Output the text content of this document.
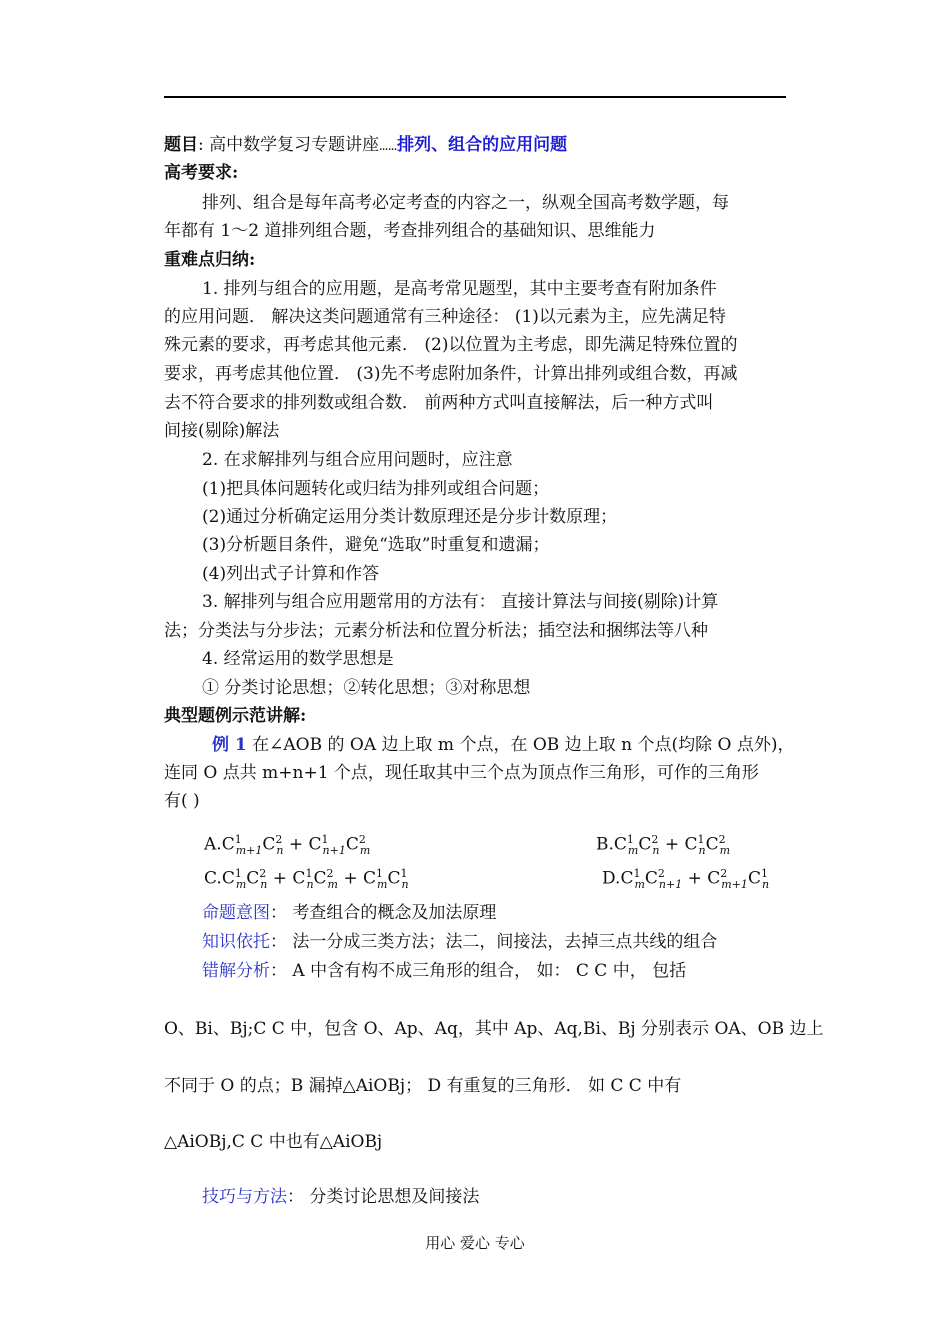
题目: 高中数学复习专题讲座……排列、组合的应用问题
高考要求:
排列、组合是每年高考必定考查的内容之一，纵观全国高考数学题，每
年都有 1～2 道排列组合题，考查排列组合的基础知识、思维能力
重难点归纳:
1. 排列与组合的应用题，是高考常见题型，其中主要考查有附加条件
的应用问题． 解决这类问题通常有三种途径： (1)以元素为主，应先满足特
殊元素的要求，再考虑其他元素． (2)以位置为主考虑，即先满足特殊位置的
要求，再考虑其他位置． (3)先不考虑附加条件，计算出排列或组合数，再减
去不符合要求的排列数或组合数． 前两种方式叫直接解法，后一种方式叫
间接(剔除)解法
2. 在求解排列与组合应用问题时，应注意
(1)把具体问题转化或归结为排列或组合问题；
(2)通过分析确定运用分类计数原理还是分步计数原理；
(3)分析题目条件，避免“选取”时重复和遗漏；
(4)列出式子计算和作答
3. 解排列与组合应用题常用的方法有： 直接计算法与间接(剔除)计算
法；分类法与分步法；元素分析法和位置分析法；插空法和捆绑法等八种
4. 经常运用的数学思想是
① 分类讨论思想；②转化思想；③对称思想
典型题例示范讲解:
例 1 在∠AOB 的 OA 边上取 m 个点，在 OB 边上取 n 个点(均除 O 点外)，
连同 O 点共 m+n+1 个点，现任取其中三个点为顶点作三角形，可作的三角形
有( )
$A.C^1_{m+1}C^2_n + C^1_{n+1}C^2_m$	$B.C^1_mC^2_n + C^1_nC^2_m$
$C.C^1_mC^2_n + C^1_nC^2_m + C^1_mC^1_n$	$D.C^1_mC^2_{n+1} + C^2_{m+1}C^1_n$
命题意图： 考查组合的概念及加法原理
知识依托： 法一分成三类方法；法二，间接法，去掉三点共线的组合
错解分析： A 中含有构不成三角形的组合， 如： C C 中， 包括
O、Bi、Bj;C C 中，包含 O、Ap、Aq，其中 Ap、Aq,Bi、Bj 分别表示 OA、OB 边上
不同于 O 的点；B 漏掉△AiOBj； D 有重复的三角形． 如 C C 中有
△AiOBj,C C 中也有△AiOBj
技巧与方法： 分类讨论思想及间接法
用心 爱心 专心
